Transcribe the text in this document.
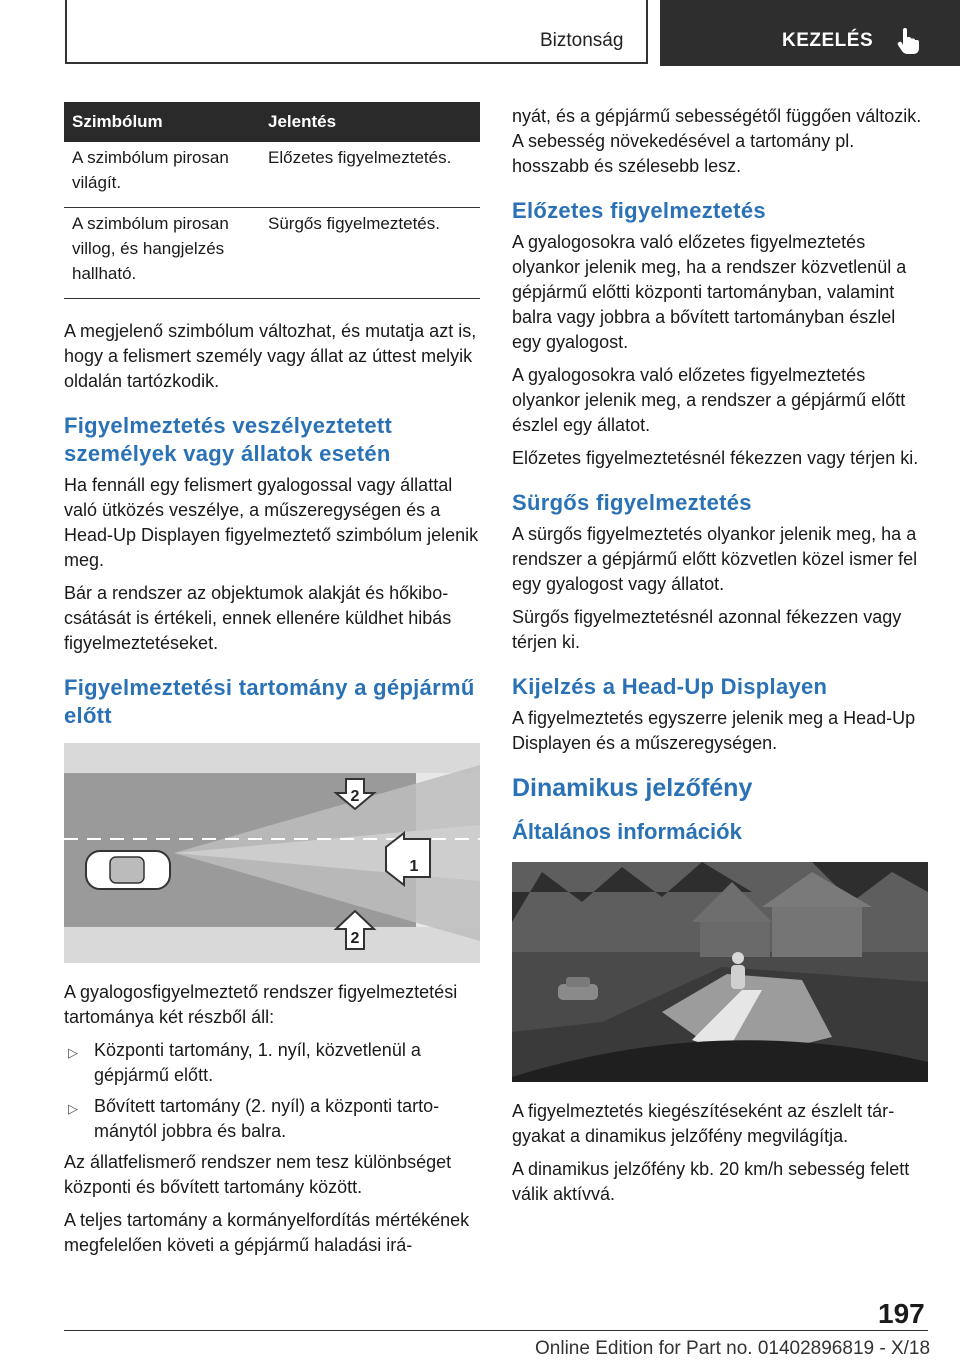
Biztonság	KEZELÉS
Szimbólum	Jelentés
A szimbólum pirosan világít.	Előzetes figyelmeztetés.
A szimbólum pirosan villog, és hangjelzés hallható.	Sürgős figyelmeztetés.

A megjelenő szimbólum változhat, és mutatja azt is, hogy a felismert személy vagy állat az úttest melyik oldalán tartózkodik.

Figyelmeztetés veszélyeztetett személyek vagy állatok esetén

Ha fennáll egy felismert gyalogossal vagy állattal való ütközés veszélye, a műszeregységen és a Head-Up Displayen figyelmeztető szimbólum jelenik meg.

Bár a rendszer az objektumok alakját és hőkibocsátását is értékeli, ennek ellenére küldhet hibás figyelmeztetéseket.

Figyelmeztetési tartomány a gépjármű előtt
2
1
2

A gyalogosfigyelmeztető rendszer figyelmeztetési tartománya két részből áll:

▷ Központi tartomány, 1. nyíl, közvetlenül a gépjármű előtt.
▷ Bővített tartomány (2. nyíl) a központi tartománytól jobbra és balra.

Az állatfelismerő rendszer nem tesz különbséget központi és bővített tartomány között.

A teljes tartomány a kormányelfordítás mértékének megfelelően követi a gépjármű haladási irá-

nyát, és a gépjármű sebességétől függően változik. A sebesség növekedésével a tartomány pl. hosszabb és szélesebb lesz.

Előzetes figyelmeztetés

A gyalogosokra való előzetes figyelmeztetés olyankor jelenik meg, ha a rendszer közvetlenül a gépjármű előtti központi tartományban, valamint balra vagy jobbra a bővített tartományban észlel egy gyalogost.

A gyalogosokra való előzetes figyelmeztetés olyankor jelenik meg, a rendszer a gépjármű előtt észlel egy állatot.

Előzetes figyelmeztetésnél fékezzen vagy térjen ki.

Sürgős figyelmeztetés

A sürgős figyelmeztetés olyankor jelenik meg, ha a rendszer a gépjármű előtt közvetlen közel ismer fel egy gyalogost vagy állatot.

Sürgős figyelmeztetésnél azonnal fékezzen vagy térjen ki.

Kijelzés a Head-Up Displayen

A figyelmeztetés egyszerre jelenik meg a Head-Up Displayen és a műszeregységen.

Dinamikus jelzőfény
Általános információk

A figyelmeztetés kiegészítéseként az észlelt tárgyakat a dinamikus jelzőfény megvilágítja.

A dinamikus jelzőfény kb. 20 km/h sebesség felett válik aktívvá.

197
Online Edition for Part no. 01402896819 - X/18
